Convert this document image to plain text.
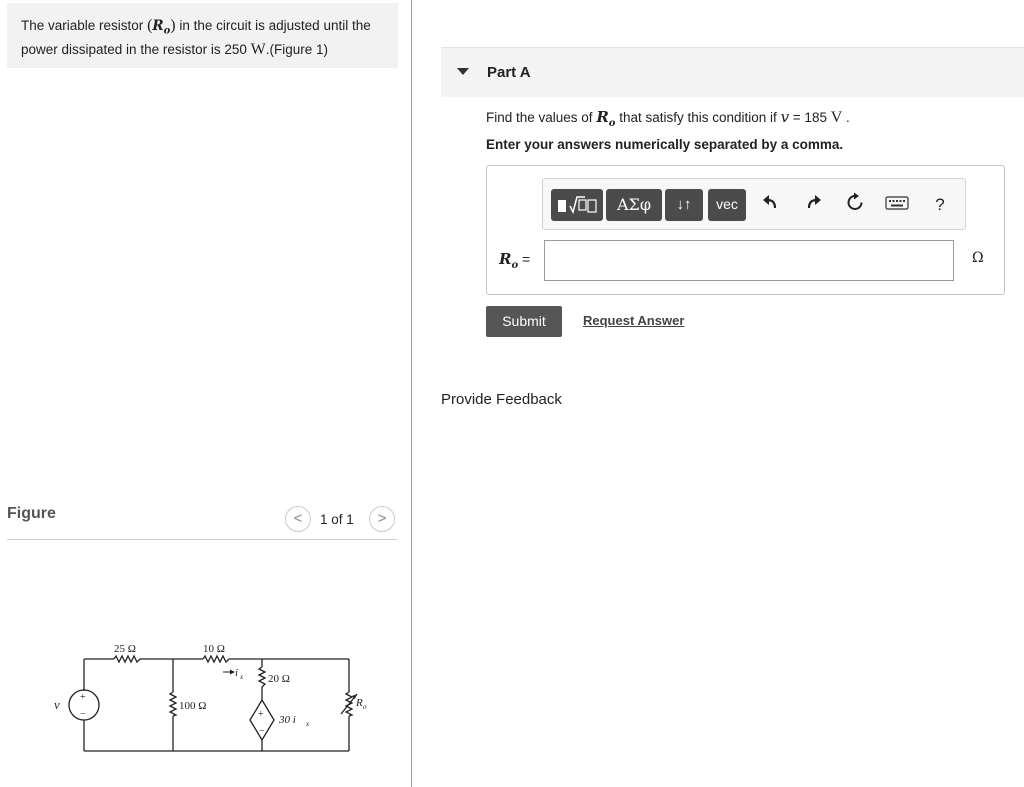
The variable resistor $(R_o)$ in the circuit is adjusted until the power dissipated in the resistor is 250 W.(Figure 1)
Figure	<	1 of 1	>
25 Ω	10 Ω
20 Ω
100 Ω
v +
−
i x
+
−
30 i x
R o
Part A
Find the values of $R_o$ that satisfy this condition if v = 185 V .
Enter your answers numerically separated by a comma.
ΑΣφ	↓↑	vec	?
$R_o$ =	Ω
Submit	Request Answer
Provide Feedback
